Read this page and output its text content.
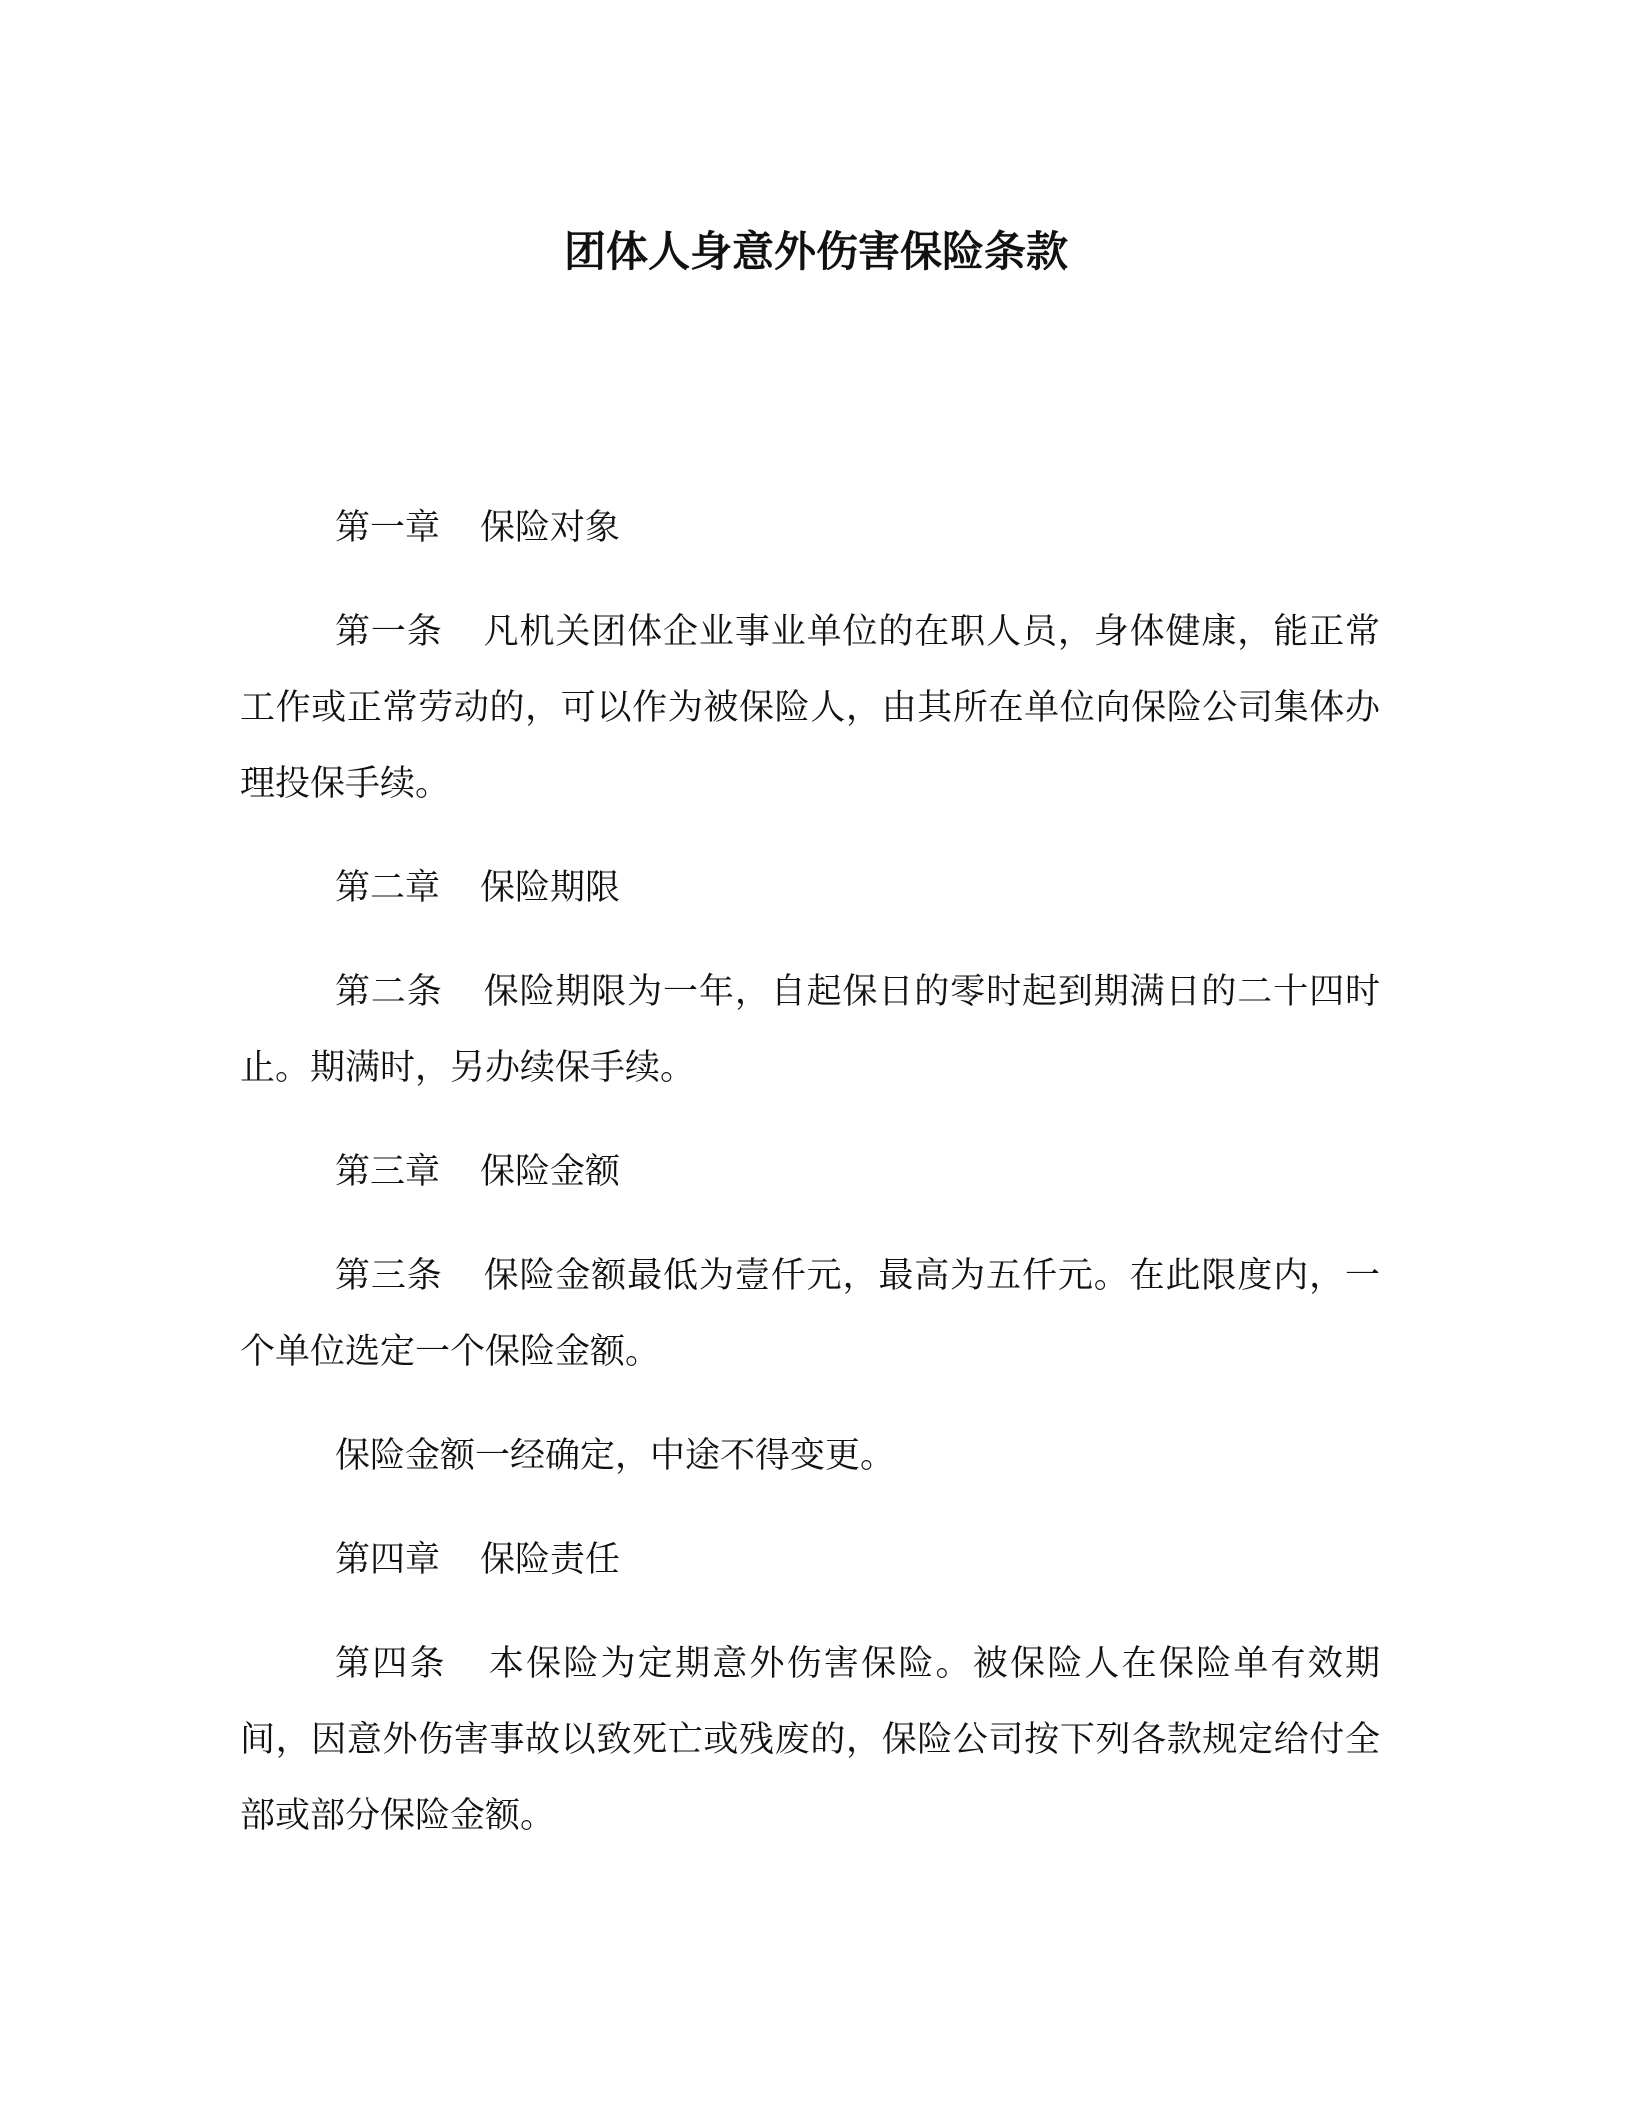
团体人身意外伤害保险条款

第一章 保险对象

第一条 凡机关团体企业事业单位的在职人员，身体健康，能正常工作或正常劳动的，可以作为被保险人，由其所在单位向保险公司集体办理投保手续。

第二章 保险期限

第二条 保险期限为一年，自起保日的零时起到期满日的二十四时止。期满时，另办续保手续。

第三章 保险金额

第三条 保险金额最低为壹仟元，最高为五仟元。在此限度内，一个单位选定一个保险金额。

保险金额一经确定，中途不得变更。

第四章 保险责任

第四条 本保险为定期意外伤害保险。被保险人在保险单有效期间，因意外伤害事故以致死亡或残废的，保险公司按下列各款规定给付全部或部分保险金额。
